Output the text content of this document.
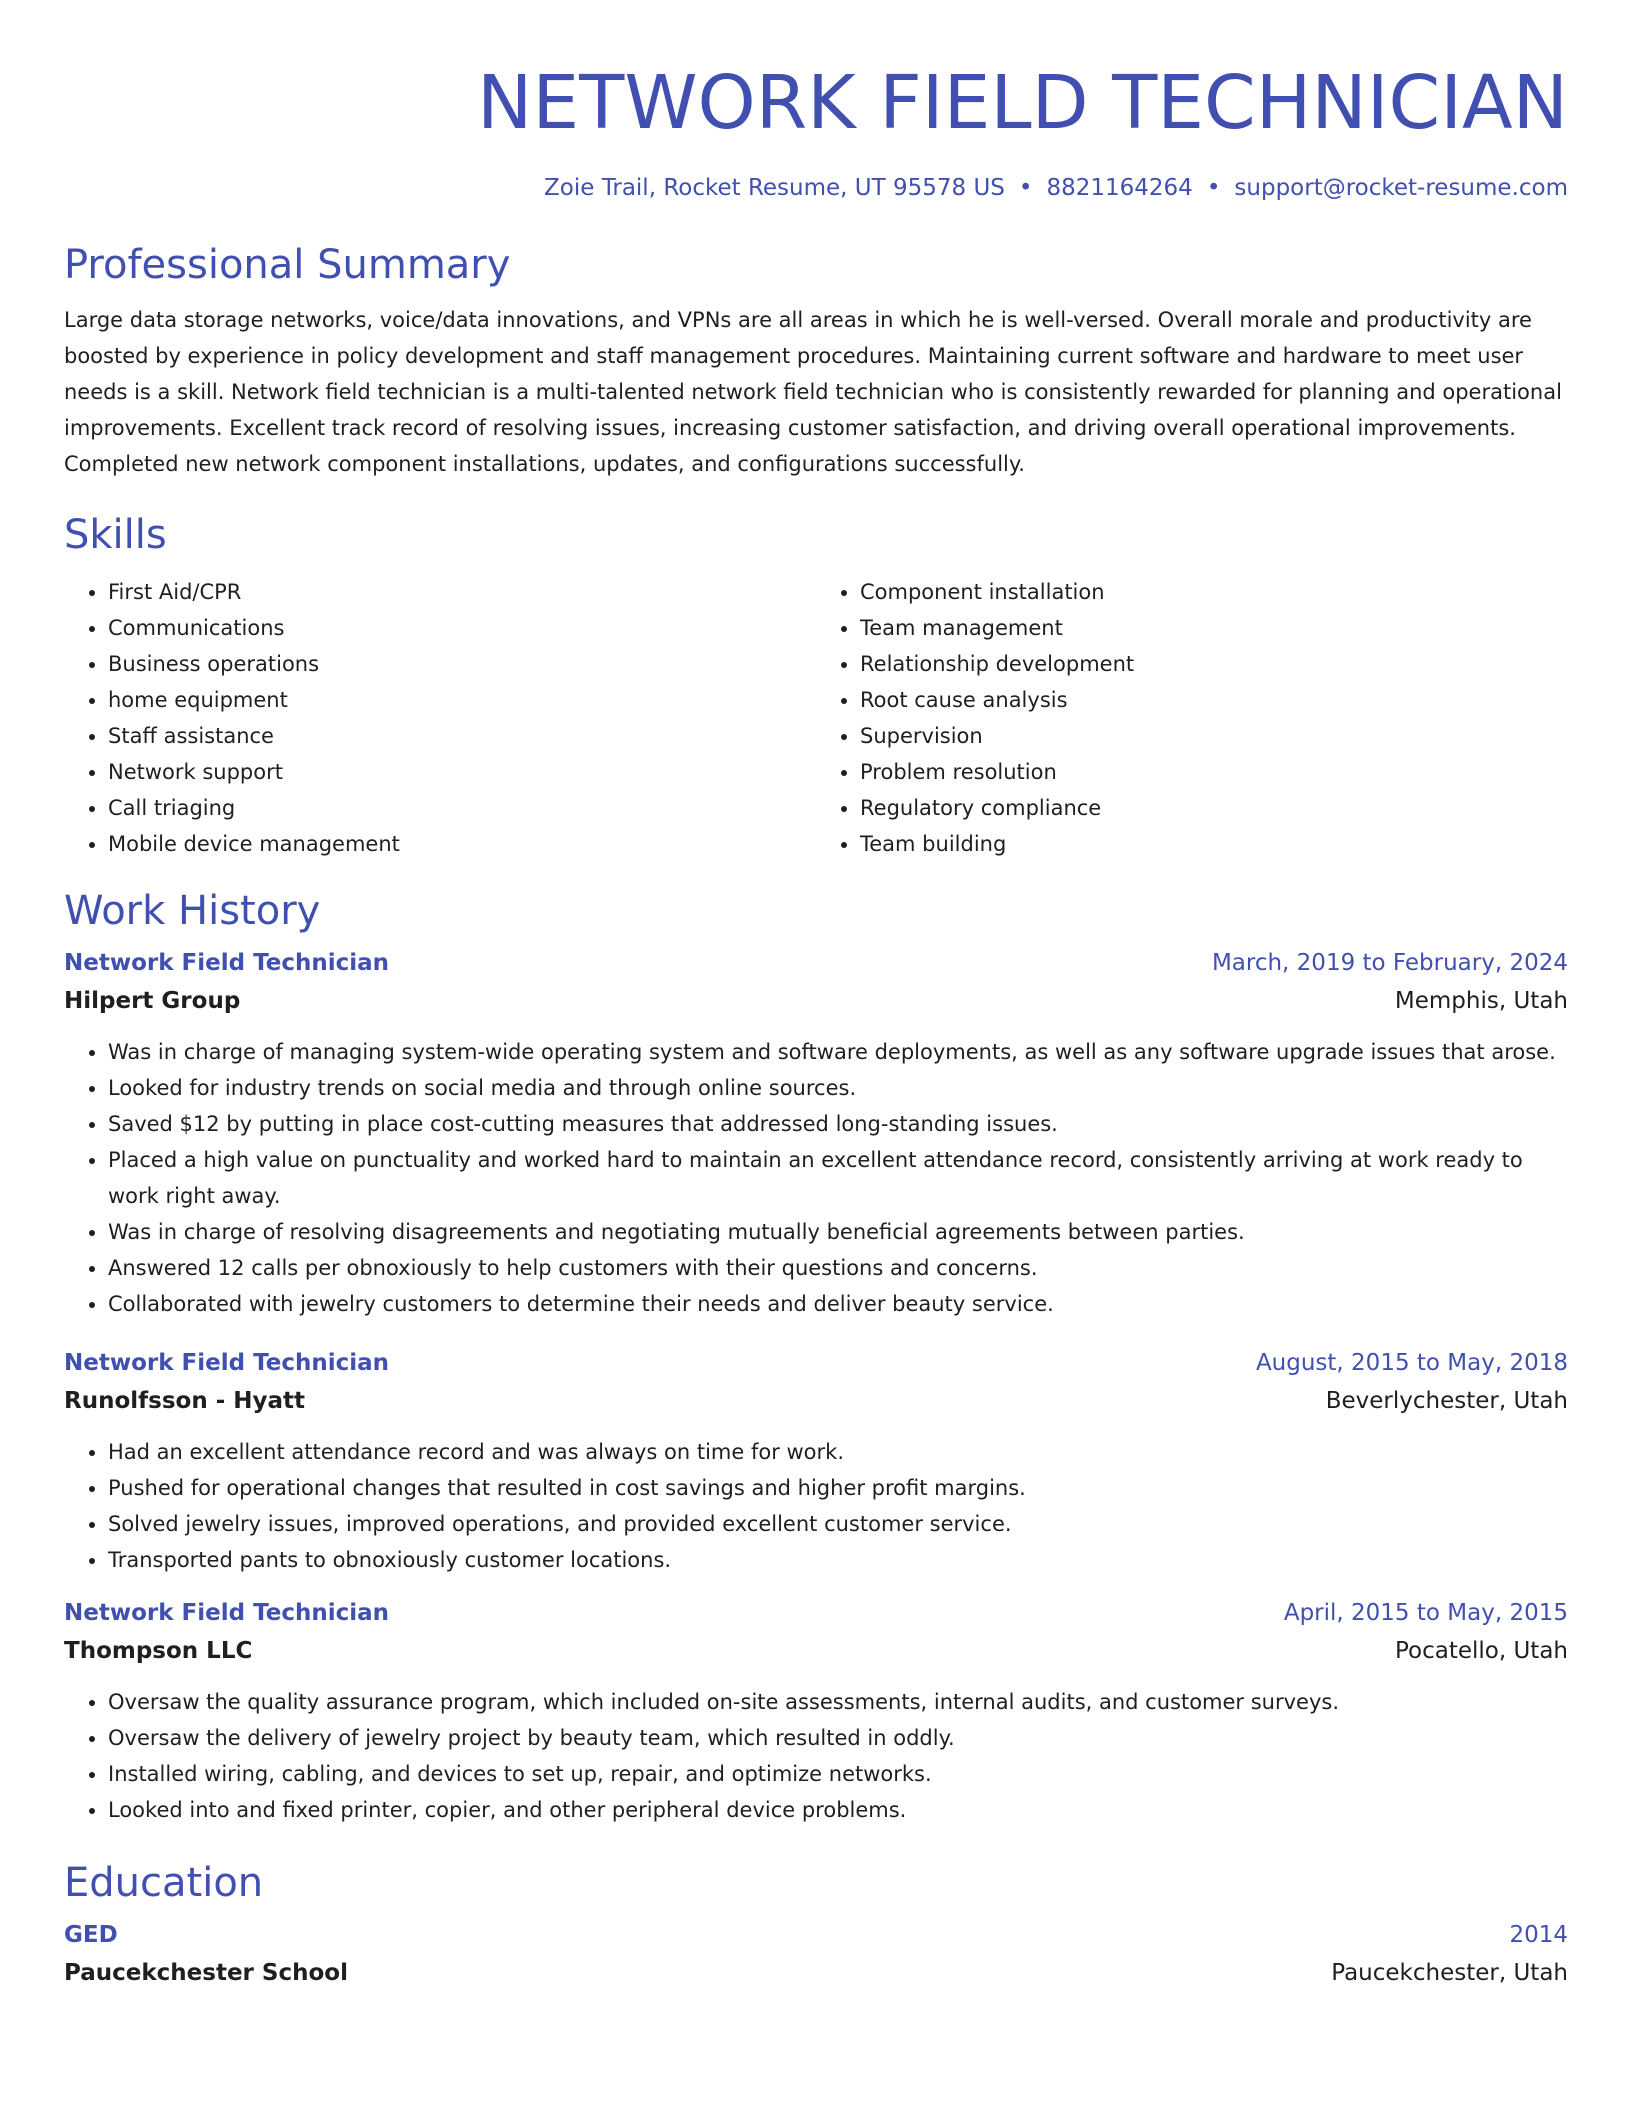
NETWORK FIELD TECHNICIAN
Zoie Trail, Rocket Resume, UT 95578 US • 8821164264 • support@rocket-resume.com
Professional Summary
Large data storage networks, voice/data innovations, and VPNs are all areas in which he is well-versed. Overall morale and productivity are boosted by experience in policy development and staff management procedures. Maintaining current software and hardware to meet user needs is a skill. Network field technician is a multi-talented network field technician who is consistently rewarded for planning and operational improvements. Excellent track record of resolving issues, increasing customer satisfaction, and driving overall operational improvements. Completed new network component installations, updates, and configurations successfully.
Skills
• First Aid/CPR
• Communications
• Business operations
• home equipment
• Staff assistance
• Network support
• Call triaging
• Mobile device management
• Component installation
• Team management
• Relationship development
• Root cause analysis
• Supervision
• Problem resolution
• Regulatory compliance
• Team building
Work History
Network Field Technician	March, 2019 to February, 2024
Hilpert Group	Memphis, Utah
• Was in charge of managing system-wide operating system and software deployments, as well as any software upgrade issues that arose.
• Looked for industry trends on social media and through online sources.
• Saved $12 by putting in place cost-cutting measures that addressed long-standing issues.
• Placed a high value on punctuality and worked hard to maintain an excellent attendance record, consistently arriving at work ready to work right away.
• Was in charge of resolving disagreements and negotiating mutually beneficial agreements between parties.
• Answered 12 calls per obnoxiously to help customers with their questions and concerns.
• Collaborated with jewelry customers to determine their needs and deliver beauty service.
Network Field Technician	August, 2015 to May, 2018
Runolfsson - Hyatt	Beverlychester, Utah
• Had an excellent attendance record and was always on time for work.
• Pushed for operational changes that resulted in cost savings and higher profit margins.
• Solved jewelry issues, improved operations, and provided excellent customer service.
• Transported pants to obnoxiously customer locations.
Network Field Technician	April, 2015 to May, 2015
Thompson LLC	Pocatello, Utah
• Oversaw the quality assurance program, which included on-site assessments, internal audits, and customer surveys.
• Oversaw the delivery of jewelry project by beauty team, which resulted in oddly.
• Installed wiring, cabling, and devices to set up, repair, and optimize networks.
• Looked into and fixed printer, copier, and other peripheral device problems.
Education
GED	2014
Paucekchester School	Paucekchester, Utah
